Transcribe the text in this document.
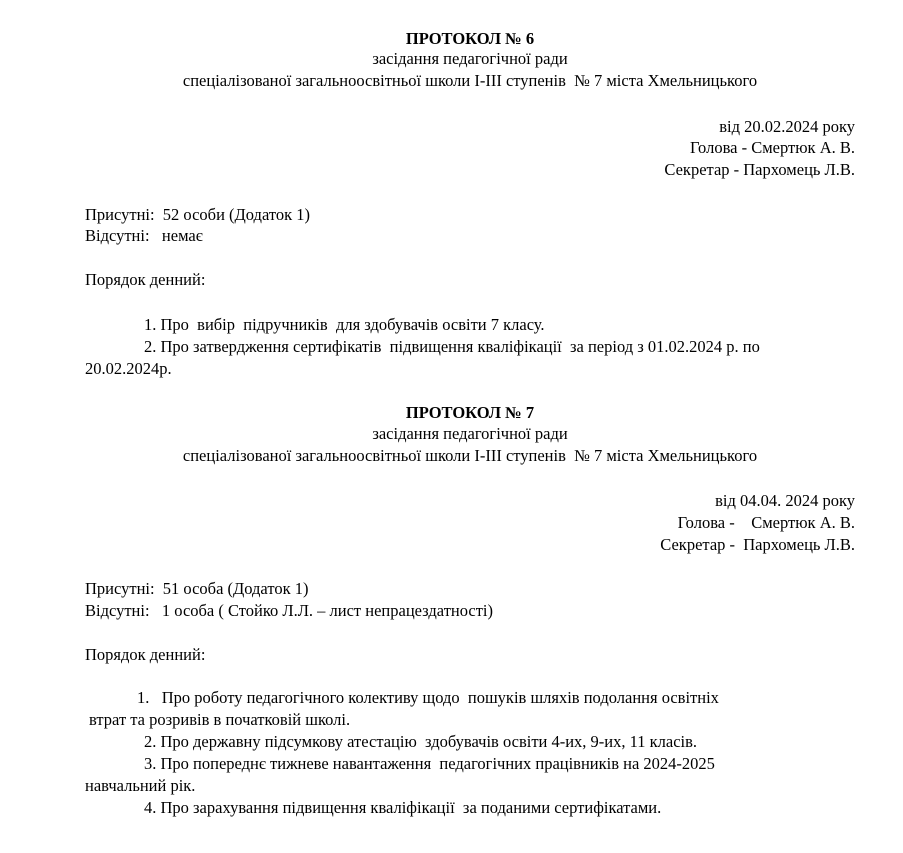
ПРОТОКОЛ № 6
засідання педагогічної ради
спеціалізованої загальноосвітньої школи І-ІІІ ступенів  № 7 міста Хмельницького
від 20.02.2024 року
Голова - Смертюк А. В.
Секретар - Пархомець Л.В.
Присутні:  52 особи (Додаток 1)
Відсутні:   немає
Порядок денний:
1. Про  вибір  підручників  для здобувачів освіти 7 класу.
2. Про затвердження сертифікатів  підвищення кваліфікації  за період з 01.02.2024 р. по
20.02.2024р.
ПРОТОКОЛ № 7
засідання педагогічної ради
спеціалізованої загальноосвітньої школи І-ІІІ ступенів  № 7 міста Хмельницького
від 04.04. 2024 року
Голова -    Смертюк А. В.
Секретар -  Пархомець Л.В.
Присутні:  51 особа (Додаток 1)
Відсутні:   1 особа ( Стойко Л.Л. – лист непрацездатності)
Порядок денний:
1.   Про роботу педагогічного колективу щодо  пошуків шляхів подолання освітніх
втрат та розривів в початковій школі.
2. Про державну підсумкову атестацію  здобувачів освіти 4-их, 9-их, 11 класів.
3. Про попереднє тижневе навантаження  педагогічних працівників на 2024-2025
навчальний рік.
4. Про зарахування підвищення кваліфікації  за поданими сертифікатами.
